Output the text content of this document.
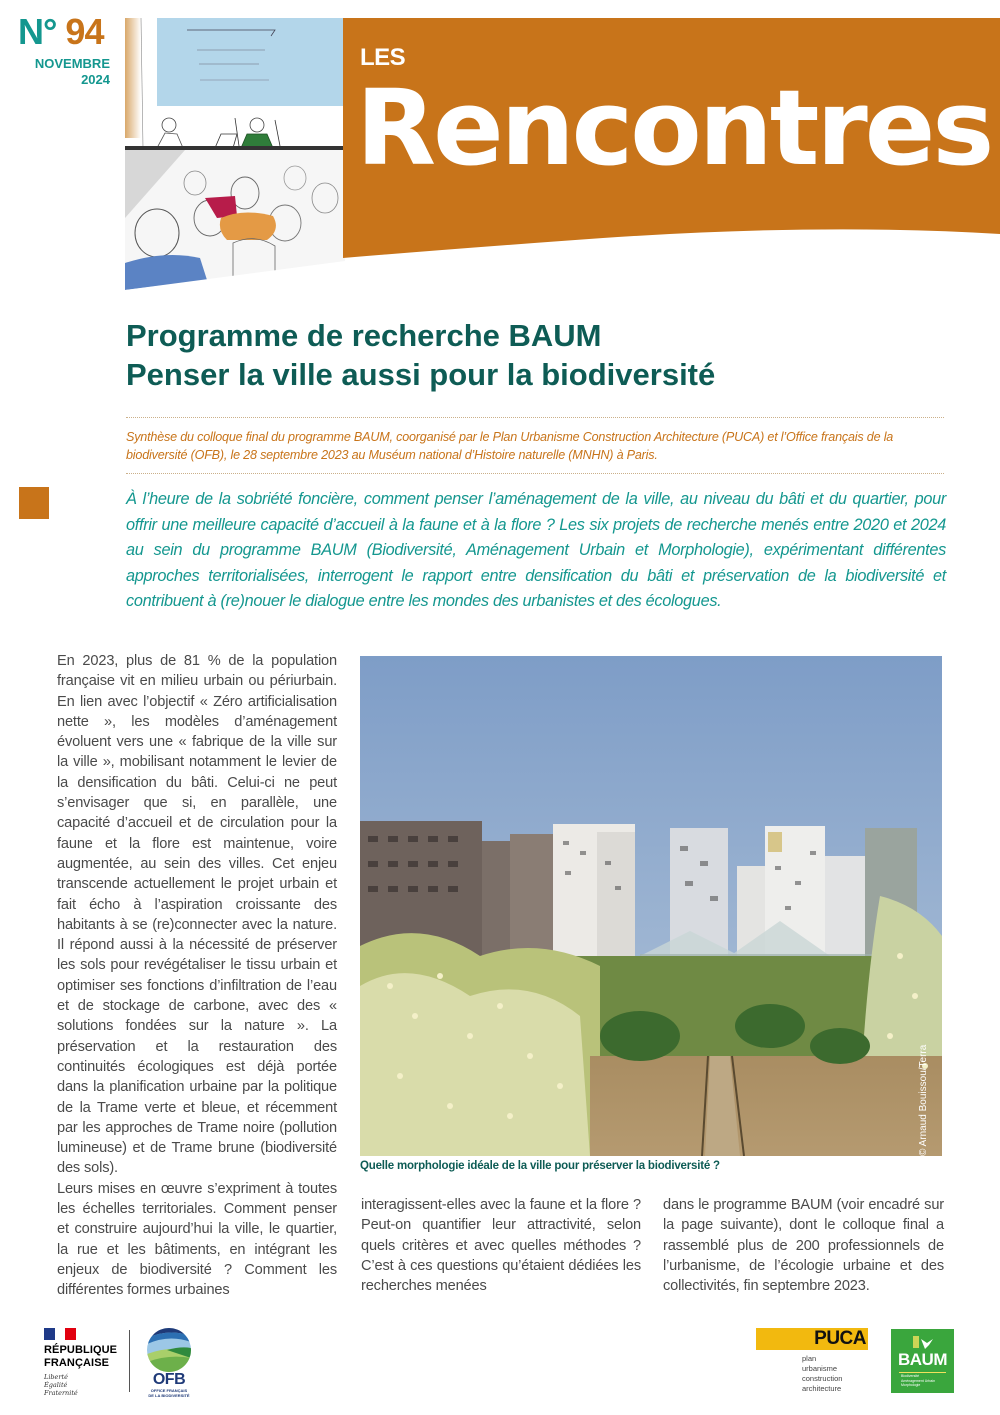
N° 94
NOVEMBRE
2024
LES
Rencontres
Programme de recherche BAUM
Penser la ville aussi pour la biodiversité

Synthèse du colloque final du programme BAUM, coorganisé par le Plan Urbanisme Construction Architecture (PUCA) et l’Office français de la biodiversité (OFB), le 28 septembre 2023 au Muséum national d’Histoire naturelle (MNHN) à Paris.

À l’heure de la sobriété foncière, comment penser l’aménagement de la ville, au niveau du bâti et du quartier, pour offrir une meilleure capacité d’accueil à la faune et à la flore ? Les six projets de recherche menés entre 2020 et 2024 au sein du programme BAUM (Biodiversité, Aménagement Urbain et Morphologie), expérimentant différentes approches territorialisées, interrogent le rapport entre densification du bâti et préservation de la biodiversité et contribuent à (re)nouer le dialogue entre les mondes des urbanistes et des écologues.

En 2023, plus de 81 % de la population française vit en milieu urbain ou périurbain. En lien avec l’objectif « Zéro artificialisation nette », les modèles d’aménagement évoluent vers une « fabrique de la ville sur la ville », mobilisant notamment le levier de la densification du bâti. Celui-ci ne peut s’envisager que si, en parallèle, une capacité d’accueil et de circulation pour la faune et la flore est maintenue, voire augmentée, au sein des villes. Cet enjeu transcende actuellement le projet urbain et fait écho à l’aspiration croissante des habitants à se (re)connecter avec la nature. Il répond aussi à la nécessité de préserver les sols pour revégétaliser le tissu urbain et optimiser ses fonctions d’infiltration de l’eau et de stockage de carbone, avec des « solutions fondées sur la nature ». La préservation et la restauration des continuités écologiques est déjà portée dans la planification urbaine par la politique de la Trame verte et bleue, et récemment par les approches de Trame noire (pollution lumineuse) et de Trame brune (biodiversité des sols).

Leurs mises en œuvre s’expriment à toutes les échelles territoriales. Comment penser et construire aujourd’hui la ville, le quartier, la rue et les bâtiments, en intégrant les enjeux de biodiversité ? Comment les différentes formes urbaines

© Arnaud Bouissou/Terra
Quelle morphologie idéale de la ville pour préserver la biodiversité ?

interagissent-elles avec la faune et la flore ? Peut-on quantifier leur attractivité, selon quels critères et avec quelles méthodes ? C’est à ces questions qu’étaient dédiées les recherches menées

dans le programme BAUM (voir encadré sur la page suivante), dont le colloque final a rassemblé plus de 200 professionnels de l’urbanisme, de l’écologie urbaine et des collectivités, fin septembre 2023.

RÉPUBLIQUE
FRANÇAISE
Liberté
Égalité
Fraternité
OFB
OFFICE FRANÇAIS
DE LA BIODIVERSITÉ
PUCA
plan
urbanisme
construction
architecture
BAUM
Biodiversité
Aménagement Urbain
Morphologie
